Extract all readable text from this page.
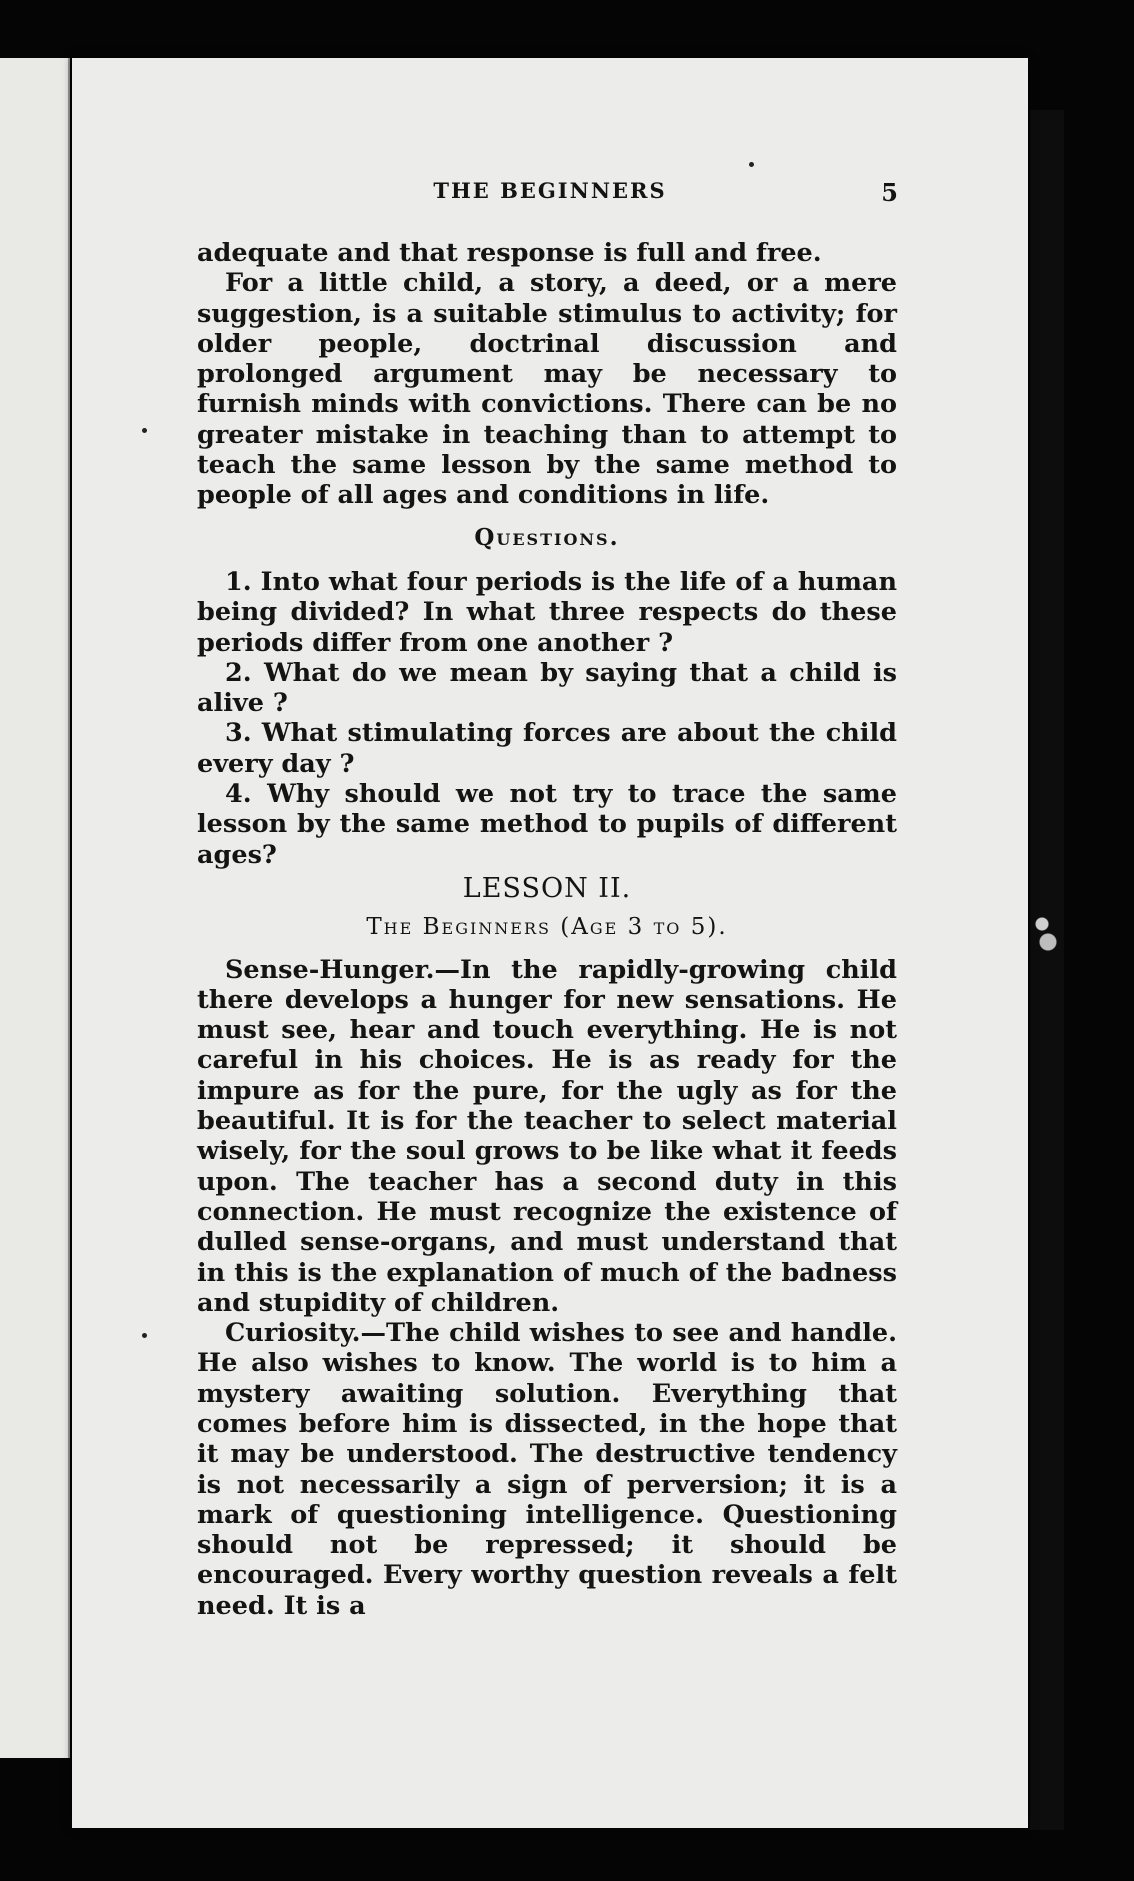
THE BEGINNERS	5

adequate and that response is full and free.

For a little child, a story, a deed, or a mere suggestion, is a suitable stimulus to activity; for older people, doctrinal discussion and prolonged argument may be necessary to furnish minds with convictions. There can be no greater mistake in teaching than to attempt to teach the same lesson by the same method to people of all ages and conditions in life.

Questions.

1. Into what four periods is the life of a human being divided? In what three respects do these periods differ from one another ?

2. What do we mean by saying that a child is alive ?

3. What stimulating forces are about the child every day ?

4. Why should we not try to trace the same lesson by the same method to pupils of different ages?

LESSON II.

The Beginners (Age 3 to 5).

Sense-Hunger.—In the rapidly-growing child there develops a hunger for new sensations. He must see, hear and touch everything. He is not careful in his choices. He is as ready for the impure as for the pure, for the ugly as for the beautiful. It is for the teacher to select material wisely, for the soul grows to be like what it feeds upon. The teacher has a second duty in this connection. He must recognize the existence of dulled sense-organs, and must understand that in this is the explanation of much of the badness and stupidity of children.

Curiosity.—The child wishes to see and handle. He also wishes to know. The world is to him a mystery awaiting solution. Everything that comes before him is dissected, in the hope that it may be understood. The destructive tendency is not necessarily a sign of perversion; it is a mark of questioning intelligence. Questioning should not be repressed; it should be encouraged. Every worthy question reveals a felt need. It is a
